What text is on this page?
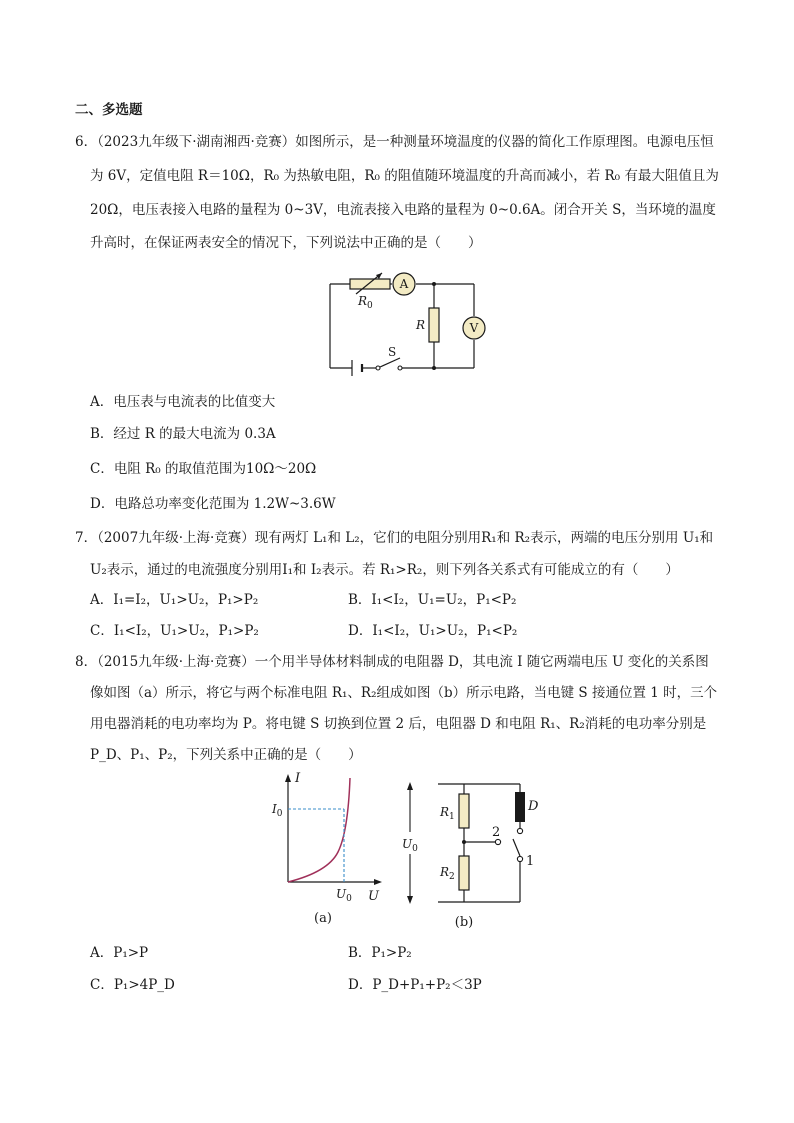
二、多选题
6．（2023九年级下·湖南湘西·竞赛）如图所示，是一种测量环境温度的仪器的简化工作原理图。电源电压恒
为 6V，定值电阻 R＝10Ω，R₀ 为热敏电阻，R₀ 的阻值随环境温度的升高而减小，若 R₀ 有最大阻值且为
20Ω，电压表接入电路的量程为 0~3V，电流表接入电路的量程为 0~0.6A。闭合开关 S，当环境的温度
升高时，在保证两表安全的情况下，下列说法中正确的是（　　）
$R_0$
A
R	V
S
A．电压表与电流表的比值变大
B．经过 R 的最大电流为 0.3A
C．电阻 R₀ 的取值范围为10Ω～20Ω
D．电路总功率变化范围为 1.2W~3.6W
7．（2007九年级·上海·竞赛）现有两灯 L₁和 L₂，它们的电阻分别用R₁和 R₂表示，两端的电压分别用 U₁和
U₂表示，通过的电流强度分别用I₁和 I₂表示。若 R₁>R₂，则下列各关系式有可能成立的有（　　）
A．I₁=I₂，U₁>U₂，P₁>P₂	B．I₁<I₂，U₁=U₂，P₁<P₂
C．I₁<I₂，U₁>U₂，P₁>P₂	D．I₁<I₂，U₁>U₂，P₁<P₂
8．（2015九年级·上海·竞赛）一个用半导体材料制成的电阻器 D，其电流 I 随它两端电压 U 变化的关系图
像如图（a）所示，将它与两个标准电阻 R₁、R₂组成如图（b）所示电路，当电键 S 接通位置 1 时，三个
用电器消耗的电功率均为 P。将电键 S 切换到位置 2 后，电阻器 D 和电阻 R₁、R₂消耗的电功率分别是
P_D、P₁、P₂，下列关系中正确的是（　　）
I
U
$I_0$
$U_0$
(a)
$U_0$
$R_1$
$R_2$
D
2
1
(b)
A．P₁>P	B．P₁>P₂
C．P₁>4P_D	D．P_D+P₁+P₂＜3P
